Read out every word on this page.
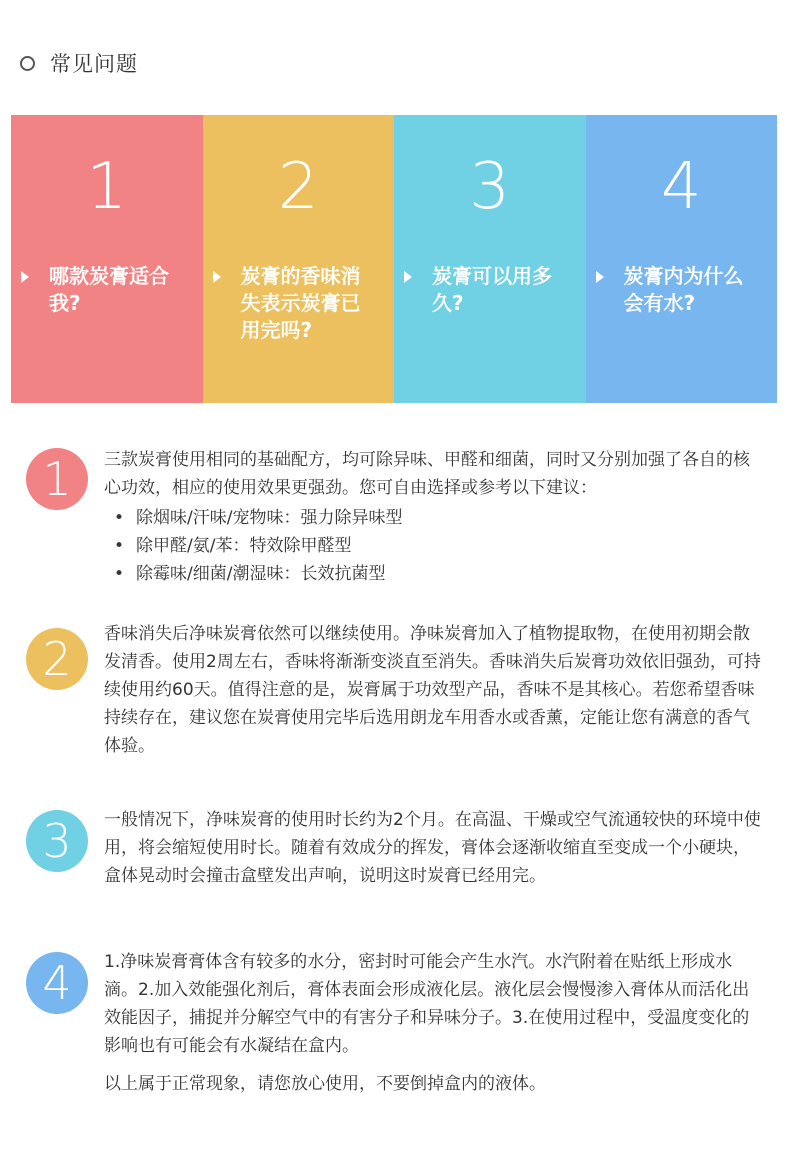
常见问题
1
哪款炭膏适合我?
2
炭膏的香味消失表示炭膏已用完吗?
3
炭膏可以用多久?
4
炭膏内为什么会有水?
1	三款炭膏使用相同的基础配方，均可除异味、甲醛和细菌，同时又分别加强了各自的核心功效，相应的使用效果更强劲。您可自由选择或参考以下建议：

• 除烟味/汗味/宠物味：强力除异味型
• 除甲醛/氨/苯：特效除甲醛型
• 除霉味/细菌/潮湿味：长效抗菌型
2	香味消失后净味炭膏依然可以继续使用。净味炭膏加入了植物提取物，在使用初期会散发清香。使用2周左右，香味将渐渐变淡直至消失。香味消失后炭膏功效依旧强劲，可持续使用约60天。值得注意的是，炭膏属于功效型产品，香味不是其核心。若您希望香味持续存在，建议您在炭膏使用完毕后选用朗龙车用香水或香薰，定能让您有满意的香气体验。

3	一般情况下，净味炭膏的使用时长约为2个月。在高温、干燥或空气流通较快的环境中使用，将会缩短使用时长。随着有效成分的挥发，膏体会逐渐收缩直至变成一个小硬块，盒体晃动时会撞击盒壁发出声响，说明这时炭膏已经用完。

4	1.净味炭膏膏体含有较多的水分，密封时可能会产生水汽。水汽附着在贴纸上形成水滴。2.加入效能强化剂后，膏体表面会形成液化层。液化层会慢慢渗入膏体从而活化出效能因子，捕捉并分解空气中的有害分子和异味分子。3.在使用过程中，受温度变化的影响也有可能会有水凝结在盒内。

以上属于正常现象，请您放心使用，不要倒掉盒内的液体。
